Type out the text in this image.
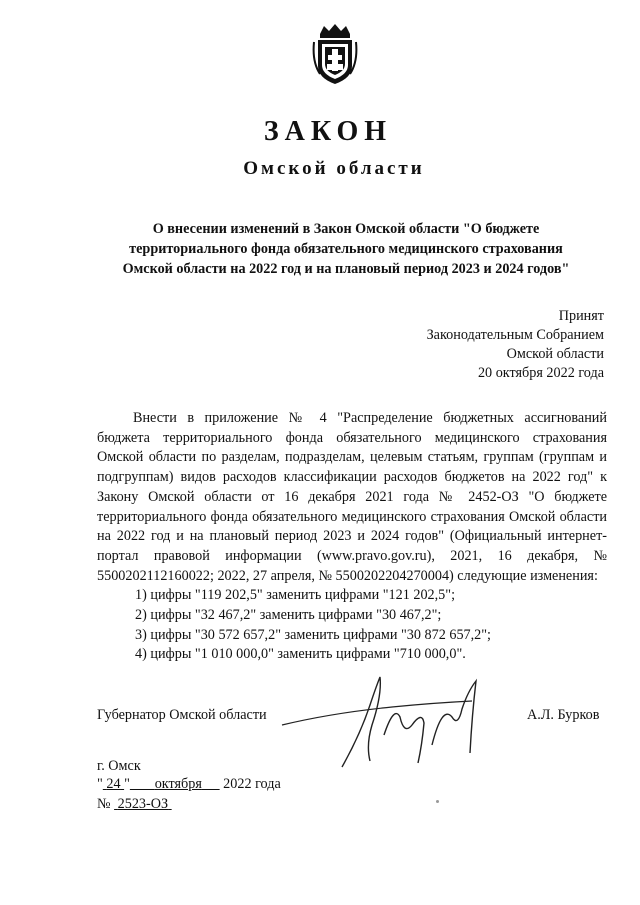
ЗАКОН
Омской области
О внесении изменений в Закон Омской области "О бюджете
территориального фонда обязательного медицинского страхования
Омской области на 2022 год и на плановый период 2023 и 2024 годов"
Принят
Законодательным Собранием
Омской области
20 октября 2022 года

Внести в приложение № 4 "Распределение бюджетных ассигнований бюджета территориального фонда обязательного медицинского страхования Омской области по разделам, подразделам, целевым статьям, группам (группам и подгруппам) видов расходов классификации расходов бюджетов на 2022 год" к Закону Омской области от 16 декабря 2021 года № 2452-ОЗ "О бюджете территориального фонда обязательного медицинского страхования Омской области на 2022 год и на плановый период 2023 и 2024 годов" (Официальный интернет-портал правовой информации (www.pravo.gov.ru), 2021, 16 декабря, № 5500202112160022; 2022, 27 апреля, № 5500202204270004) следующие изменения:

1) цифры "119 202,5" заменить цифрами "121 202,5";

2) цифры "32 467,2" заменить цифрами "30 467,2";

3) цифры "30 572 657,2" заменить цифрами "30 872 657,2";

4) цифры "1 010 000,0" заменить цифрами "710 000,0".

Губернатор Омской области	А.Л. Бурков
г. Омск
" 24 " октября 2022 года
№ 2523-ОЗ
